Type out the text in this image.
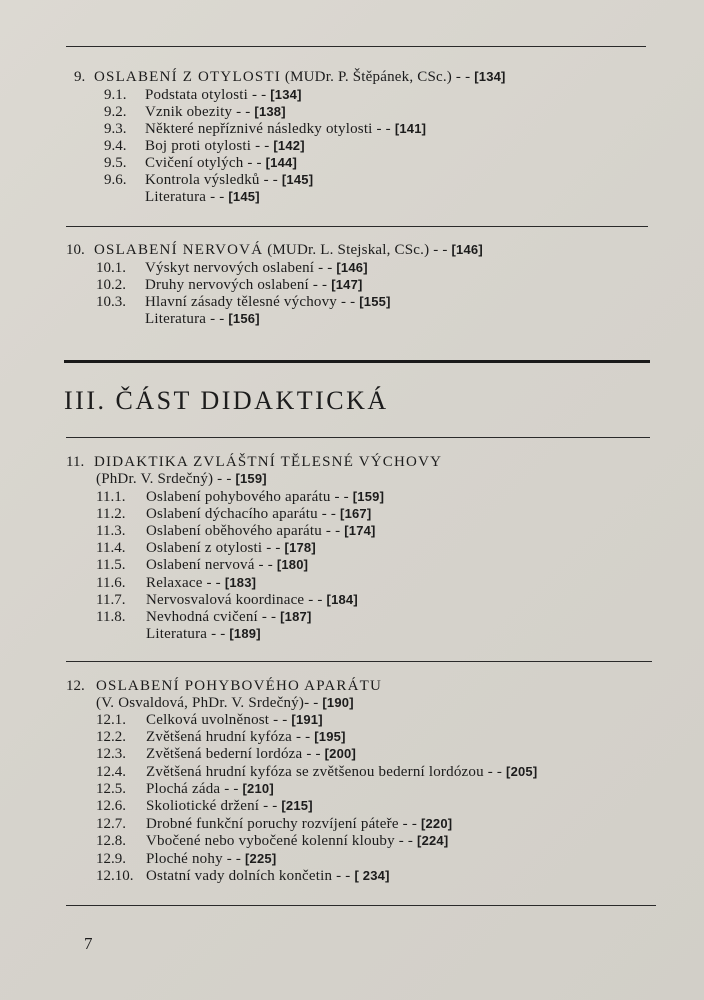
9. OSLABENÍ Z OTYLOSTI (MUDr. P. Štěpánek, CSc.) - - [134]
9.1. Podstata otylosti - - [134]
9.2. Vznik obezity - - [138]
9.3. Některé nepříznivé následky otylosti - - [141]
9.4. Boj proti otylosti - - [142]
9.5. Cvičení otylých - - [144]
9.6. Kontrola výsledků - - [145]
Literatura - - [145]
10. OSLABENÍ NERVOVÁ (MUDr. L. Stejskal, CSc.) - - [146]
10.1. Výskyt nervových oslabení - - [146]
10.2. Druhy nervových oslabení - - [147]
10.3. Hlavní zásady tělesné výchovy - - [155]
Literatura - - [156]
III. ČÁST DIDAKTICKÁ
11. DIDAKTIKA ZVLÁŠTNÍ TĚLESNÉ VÝCHOVY
(PhDr. V. Srdečný) - - [159]
11.1. Oslabení pohybového aparátu - - [159]
11.2. Oslabení dýchacího aparátu - - [167]
11.3. Oslabení oběhového aparátu - - [174]
11.4. Oslabení z otylosti - - [178]
11.5. Oslabení nervová - - [180]
11.6. Relaxace - - [183]
11.7. Nervosvalová koordinace - - [184]
11.8. Nevhodná cvičení - - [187]
Literatura - - [189]
12. OSLABENÍ POHYBOVÉHO APARÁTU
(V. Osvaldová, PhDr. V. Srdečný)- - [190]
12.1. Celková uvolněnost - - [191]
12.2. Zvětšená hrudní kyfóza - - [195]
12.3. Zvětšená bederní lordóza - - [200]
12.4. Zvětšená hrudní kyfóza se zvětšenou bederní lordózou - - [205]
12.5. Plochá záda - - [210]
12.6. Skoliotické držení - - [215]
12.7. Drobné funkční poruchy rozvíjení páteře - - [220]
12.8. Vbočené nebo vybočené kolenní klouby - - [224]
12.9. Ploché nohy - - [225]
12.10. Ostatní vady dolních končetin - - [ 234]
7
